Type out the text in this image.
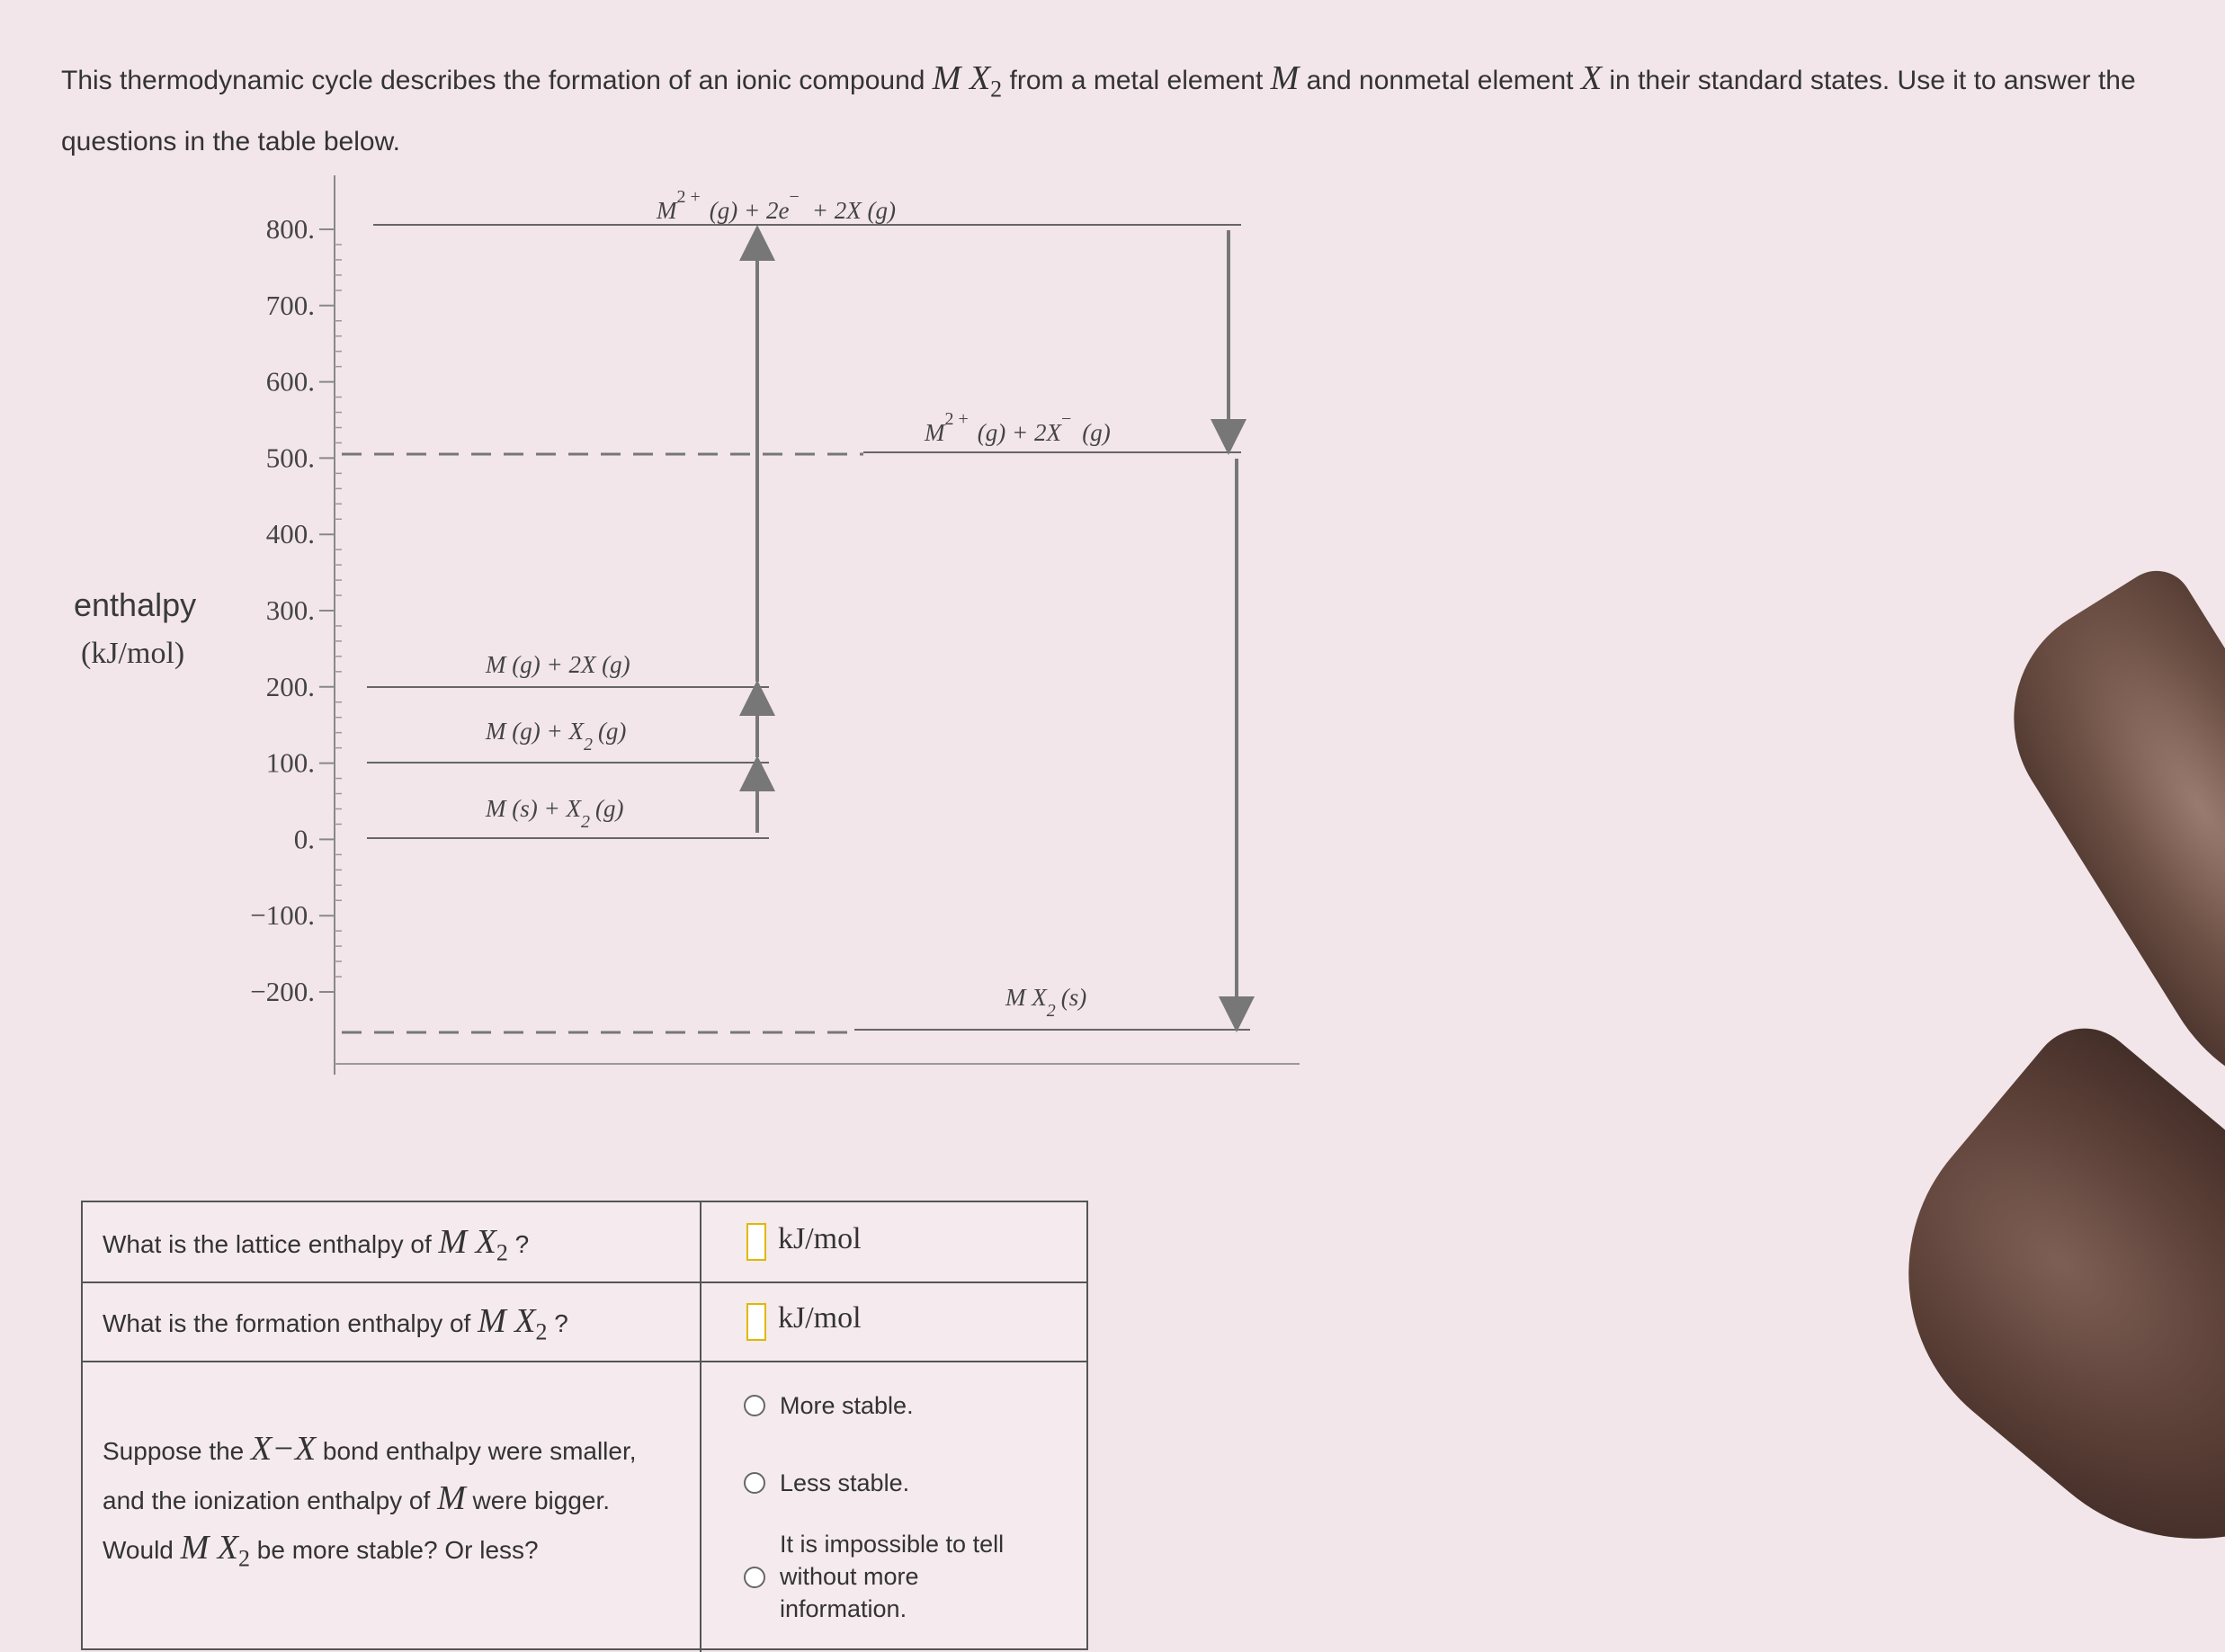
This thermodynamic cycle describes the formation of an ionic compound M $X_2$ from a metal element M and nonmetal element X in their standard states. Use it to answer the questions in the table below.
800.
700.
600.
500.
400.
300.
200.
100.
0.
−100.
−200.
enthalpy
(kJ/mol)
$M^{2 +}$ (g) + 2e− + 2X (g)
$M^{2 +}$ (g) + 2X− (g)
M (g) + 2X (g)
M $(g) + X_2$ (g)
M $(s) + X_2$ (g)
M $X_2$ (s)
What is the lattice enthalpy of M $X_2$ ?	kJ/mol
What is the formation enthalpy of M $X_2$ ?	kJ/mol
Suppose the X−X bond enthalpy were smaller,
and the ionization enthalpy of M were bigger.
Would M $X_2$ be more stable? Or less?
More stable.
Less stable.
It is impossible to tell without more information.
